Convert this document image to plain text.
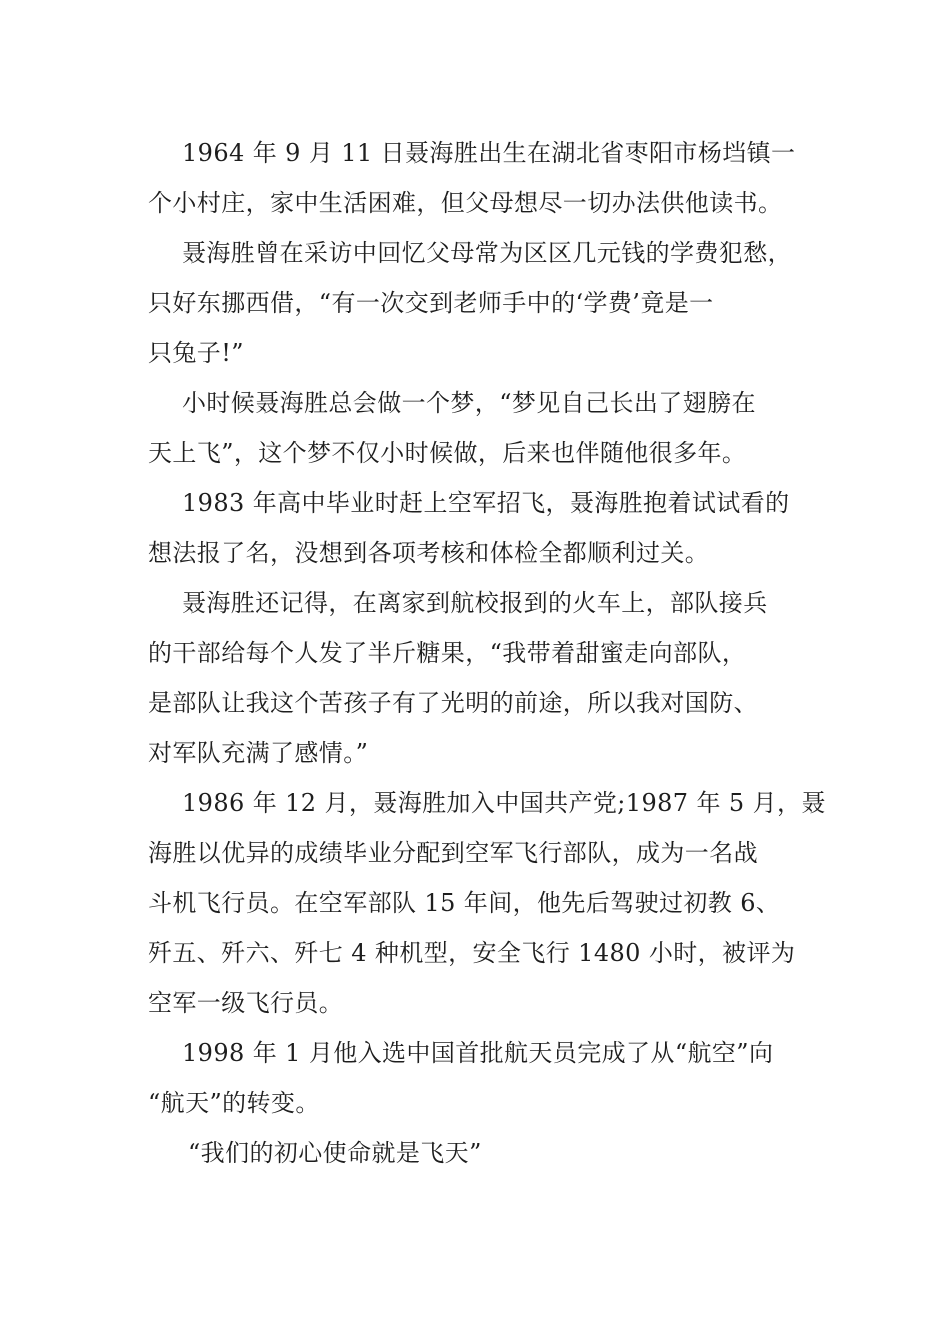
1964 年 9 月 11 日聂海胜出生在湖北省枣阳市杨垱镇一
个小村庄，家中生活困难，但父母想尽一切办法供他读书。
聂海胜曾在采访中回忆父母常为区区几元钱的学费犯愁，
只好东挪西借，“有一次交到老师手中的‘学费’竟是一
只兔子!”
小时候聂海胜总会做一个梦，“梦见自己长出了翅膀在
天上飞”，这个梦不仅小时候做，后来也伴随他很多年。
1983 年高中毕业时赶上空军招飞，聂海胜抱着试试看的
想法报了名，没想到各项考核和体检全都顺利过关。
聂海胜还记得，在离家到航校报到的火车上，部队接兵
的干部给每个人发了半斤糖果，“我带着甜蜜走向部队，
是部队让我这个苦孩子有了光明的前途，所以我对国防、
对军队充满了感情。”
1986 年 12 月，聂海胜加入中国共产党;1987 年 5 月，聂
海胜以优异的成绩毕业分配到空军飞行部队，成为一名战
斗机飞行员。在空军部队 15 年间，他先后驾驶过初教 6、
歼五、歼六、歼七 4 种机型，安全飞行 1480 小时，被评为
空军一级飞行员。
1998 年 1 月他入选中国首批航天员完成了从“航空”向
“航天”的转变。
“我们的初心使命就是飞天”
